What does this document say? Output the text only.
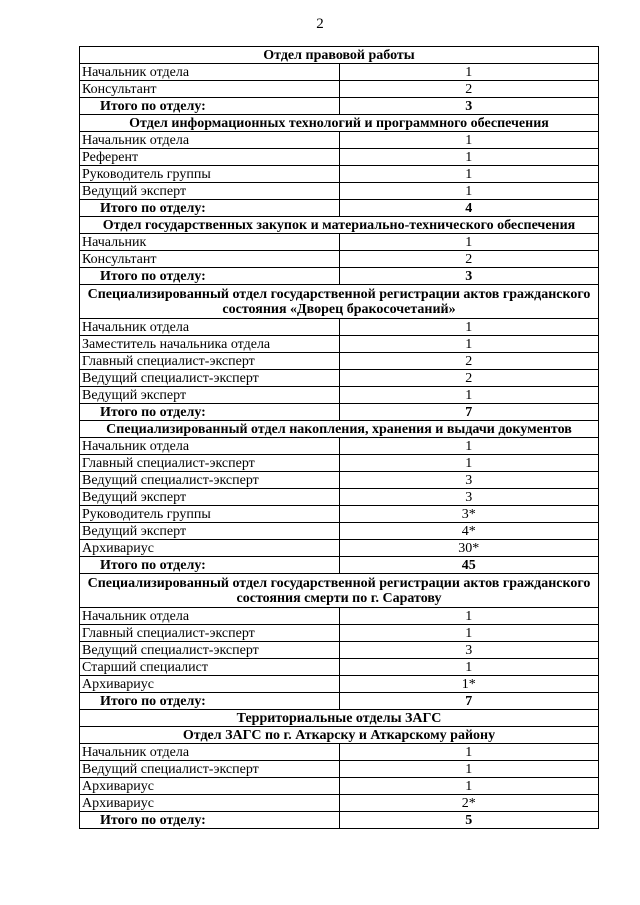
2
Отдел правовой работы	
Начальник отдела	1
Консультант	2
Итого по отделу:	3
Отдел информационных технологий и программного обеспечения	
Начальник отдела	1
Референт	1
Руководитель группы	1
Ведущий эксперт	1
Итого по отделу:	4
Отдел государственных закупок и материально-технического обеспечения	
Начальник	1
Консультант	2
Итого по отделу:	3
Специализированный отдел государственной регистрации актов гражданского состояния «Дворец бракосочетаний»	
Начальник отдела	1
Заместитель начальника отдела	1
Главный специалист-эксперт	2
Ведущий специалист-эксперт	2
Ведущий эксперт	1
Итого по отделу:	7
Специализированный отдел накопления, хранения и выдачи документов	
Начальник отдела	1
Главный специалист-эксперт	1
Ведущий специалист-эксперт	3
Ведущий эксперт	3
Руководитель группы	3*
Ведущий эксперт	4*
Архивариус	30*
Итого по отделу:	45
Специализированный отдел государственной регистрации актов гражданского состояния смерти по г. Саратову	
Начальник отдела	1
Главный специалист-эксперт	1
Ведущий специалист-эксперт	3
Старший специалист	1
Архивариус	1*
Итого по отделу:	7
Территориальные отделы ЗАГС	
Отдел ЗАГС по г. Аткарску и Аткарскому району	
Начальник отдела	1
Ведущий специалист-эксперт	1
Архивариус	1
Архивариус	2*
Итого по отделу:	5
